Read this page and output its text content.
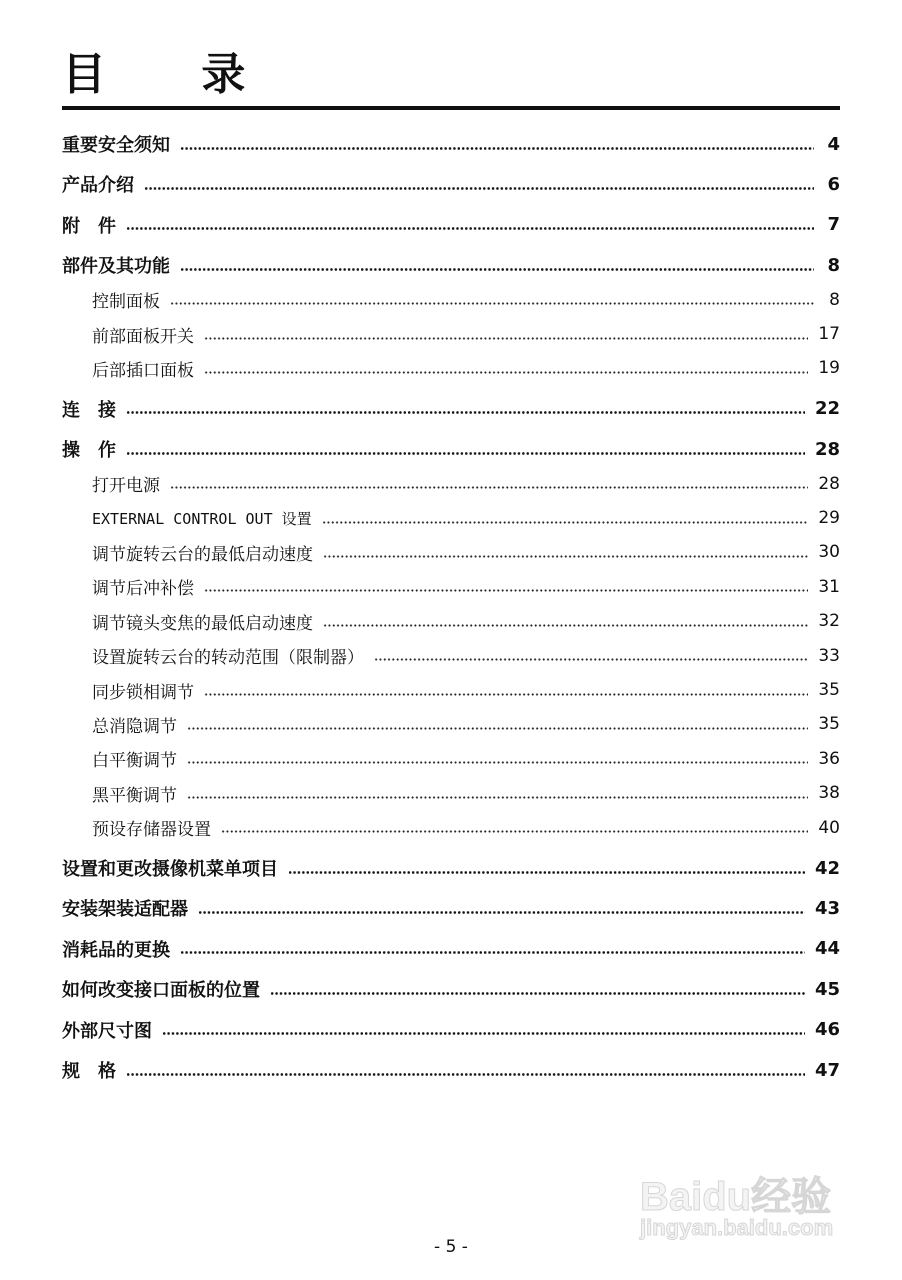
目 录
重要安全须知	4
产品介绍	6
附　件	7
部件及其功能	8
控制面板	8
前部面板开关	17
后部插口面板	19
连　接	22
操　作	28
打开电源	28
EXTERNAL CONTROL OUT 设置	29
调节旋转云台的最低启动速度	30
调节后冲补偿	31
调节镜头变焦的最低启动速度	32
设置旋转云台的转动范围（限制器）	33
同步锁相调节	35
总消隐调节	35
白平衡调节	36
黑平衡调节	38
预设存储器设置	40
设置和更改摄像机菜单项目	42
安装架装适配器	43
消耗品的更换	44
如何改变接口面板的位置	45
外部尺寸图	46
规　格	47
Baidu经验
jingyan.baidu.com
- 5 -
